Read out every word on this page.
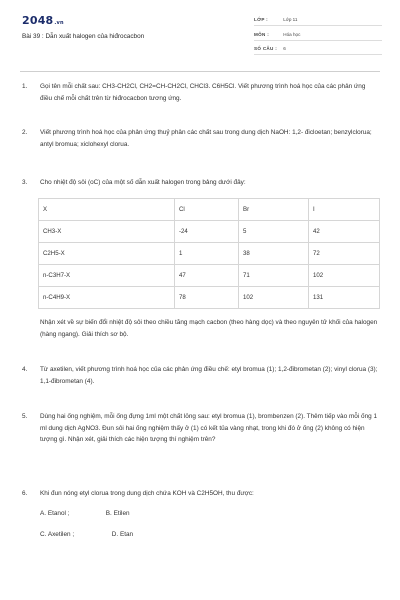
2048.vn
Bài 39 : Dẫn xuất halogen của hiđrocacbon
LỚP :	Lớp 11
MÔN :	Hóa học
SỐ CÂU : 6
1.	Gọi tên mỗi chất sau: CH3-CH2Cl, CH2=CH-CH2Cl, CHCl3. C6H5Cl. Viết phương trình hoá học của các phản ứng điều chế mỗi chất trên từ hiđrocacbon tương ứng.
2.	Viết phương trình hoá học của phản ứng thuỷ phân các chất sau trong dung dịch NaOH: 1,2- đicloetan; benzylclorua; antyl bromua; xiclohexyl clorua.
3.	Cho nhiệt độ sôi (oC) của một số dẫn xuất halogen trong bảng dưới đây:
X	Cl	Br	I
CH3-X	-24	5	42
C2H5-X	1	38	72
n-C3H7-X	47	71	102
n-C4H9-X	78	102	131
Nhận xét về sự biến đổi nhiệt độ sôi theo chiều tăng mạch cacbon (theo hàng dọc) và theo nguyên tử khối của halogen (hàng ngang). Giải thích sơ bộ.
4.	Từ axetilen, viết phương trình hoá học của các phản ứng điều chế: etyl bromua (1); 1,2-đibrometan (2); vinyl clorua (3); 1,1-đibrometan (4).
5.	Dùng hai ống nghiệm, mỗi ống đựng 1ml một chất lỏng sau: etyl bromua (1), brombenzen (2). Thêm tiếp vào mỗi ống 1 ml dung dịch AgNO3. Đun sôi hai ống nghiệm thấy ở (1) có kết tủa vàng nhạt, trong khi đó ở ống (2) không có hiện tượng gì. Nhận xét, giải thích các hiện tượng thí nghiệm trên?
6.	Khi đun nóng etyl clorua trong dung dịch chứa KOH và C2H5OH, thu được:
A. Etanol ;	B. Etilen
C. Axetilen ;	D. Etan
